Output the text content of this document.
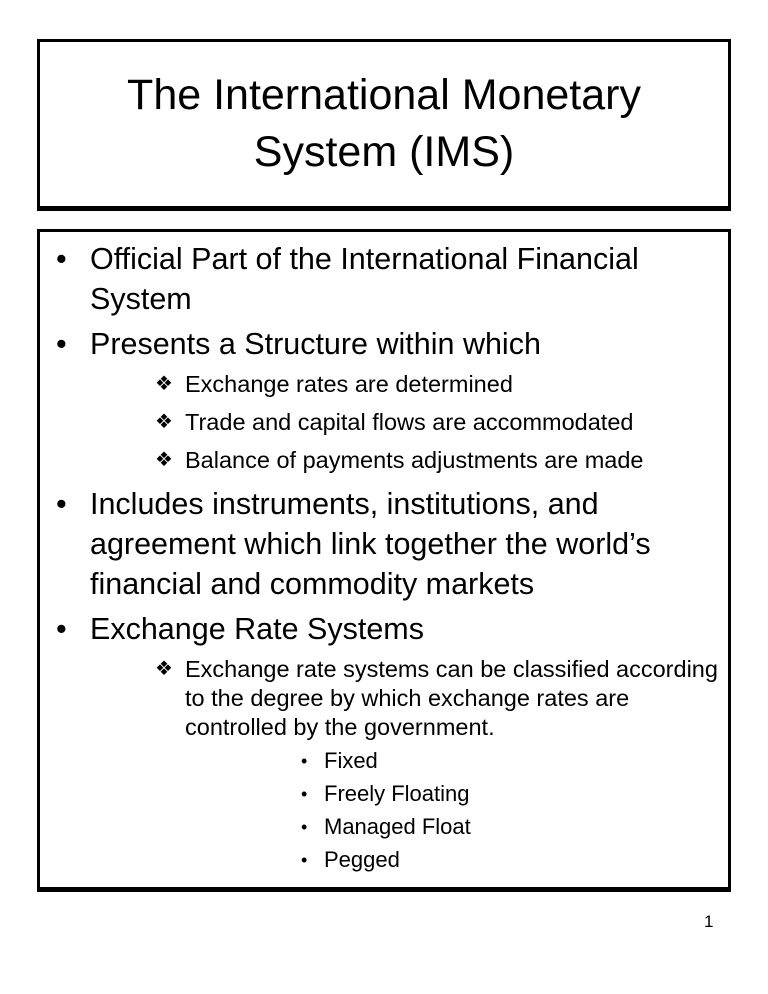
The International Monetary System (IMS)
• Official Part of the International Financial System
• Presents a Structure within which
❖ Exchange rates are determined
❖ Trade and capital flows are accommodated
❖ Balance of payments adjustments are made
• Includes instruments, institutions, and agreement which link together the world’s financial and commodity markets
• Exchange Rate Systems
❖ Exchange rate systems can be classified according to the degree by which exchange rates are controlled by the government.
• Fixed
• Freely Floating
• Managed Float
• Pegged
1
